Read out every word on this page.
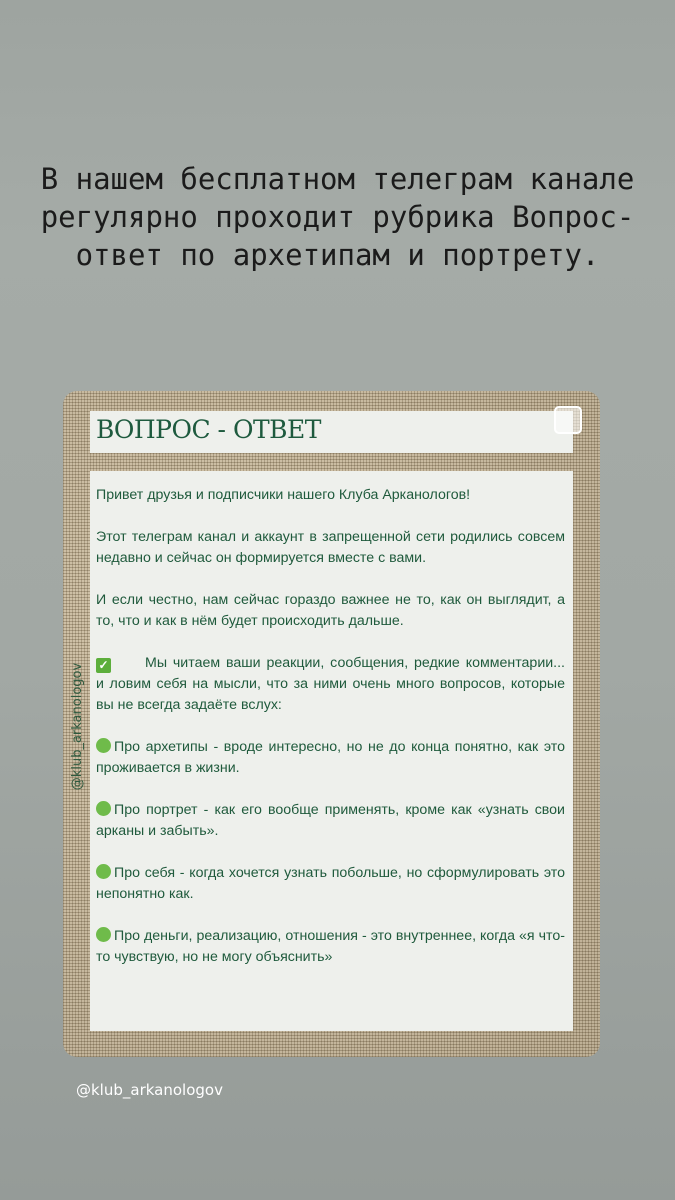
В нашем бесплатном телеграм канале регулярно проходит рубрика Вопрос-ответ по архетипам и портрету.
ВОПРОС - ОТВЕТ
@klub_arkanologov

Привет друзья и подписчики нашего Клуба Арканологов!

Этот телеграм канал и аккаунт в запрещенной сети родились совсем недавно и сейчас он формируется вместе с вами.

И если честно, нам сейчас гораздо важнее не то, как он выглядит, а то, что и как в нём будет происходить дальше.

✓	Мы читаем ваши реакции, сообщения, редкие комментарии... и ловим себя на мысли, что за ними очень много вопросов, которые вы не всегда задаёте вслух:

Про архетипы - вроде интересно, но не до конца понятно, как это проживается в жизни.

Про портрет - как его вообще применять, кроме как «узнать свои арканы и забыть».

Про себя - когда хочется узнать побольше, но сформулировать это непонятно как.

Про деньги, реализацию, отношения - это внутреннее, когда «я что-то чувствую, но не могу объяснить»

@klub_arkanologov
